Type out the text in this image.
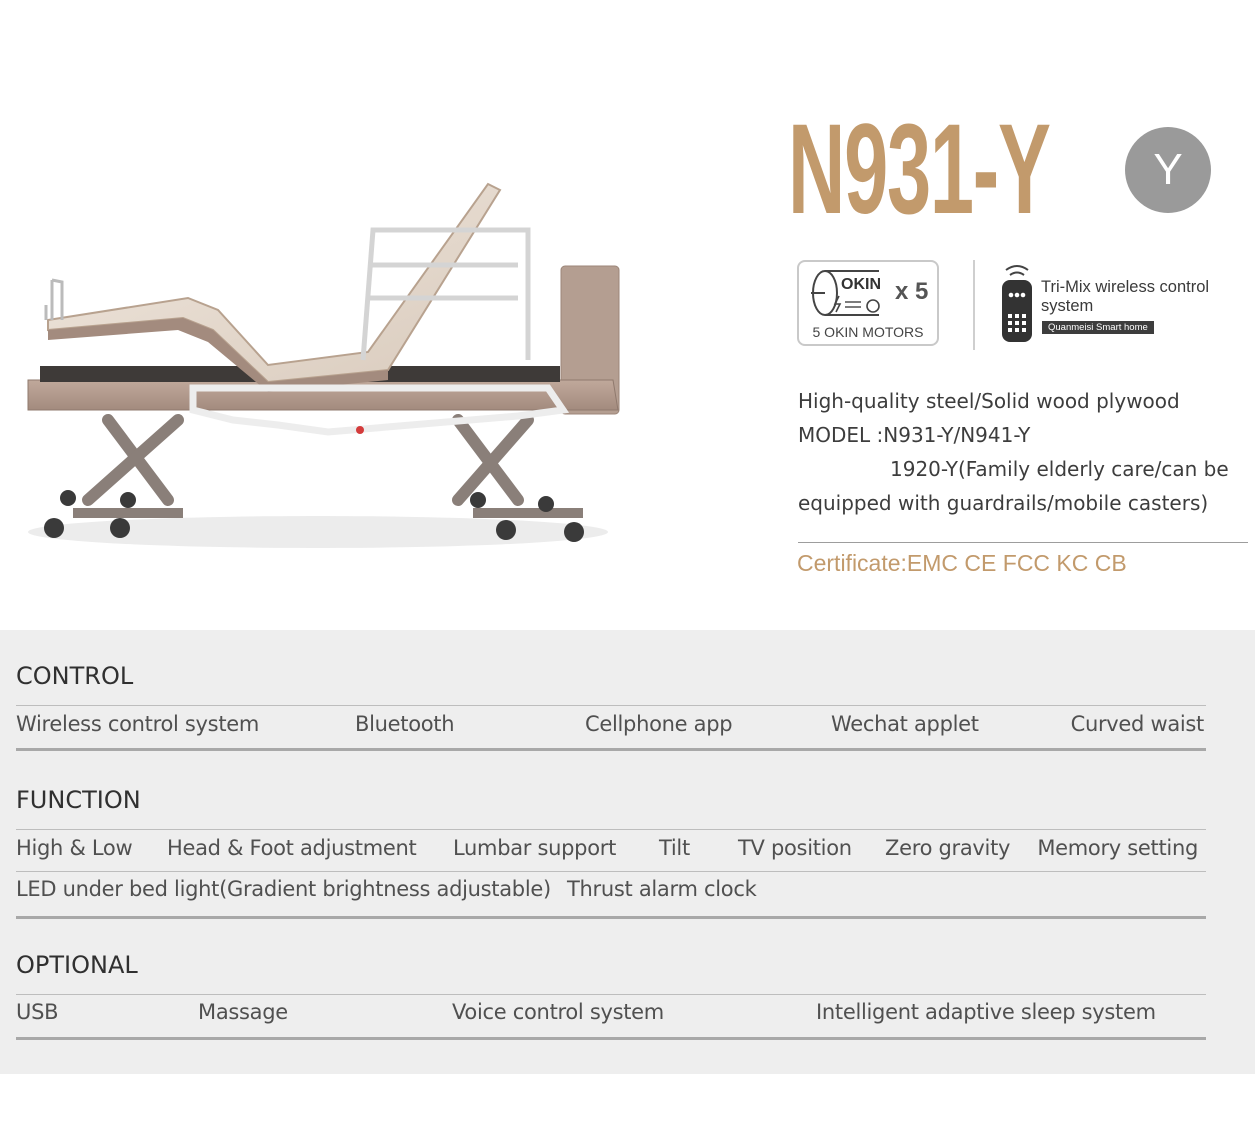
N931-Y	Y
OKIN x 5
5 OKIN MOTORS
Tri-Mix wireless control system
Quanmeisi Smart home
High-quality steel/Solid wood plywood
MODEL :N931-Y/N941-Y
1920-Y(Family elderly care/can be
equipped with guardrails/mobile casters)
Certificate:EMC CE FCC KC CB
CONTROL
Wireless control system	Bluetooth	Cellphone app	Wechat applet	Curved waist
FUNCTION
High & Low Head & Foot adjustment Lumbar support Tilt TV position Zero gravity Memory setting
LED under bed light(Gradient brightness adjustable) Thrust alarm clock
OPTIONAL
USB	Massage	Voice control system	Intelligent adaptive sleep system
